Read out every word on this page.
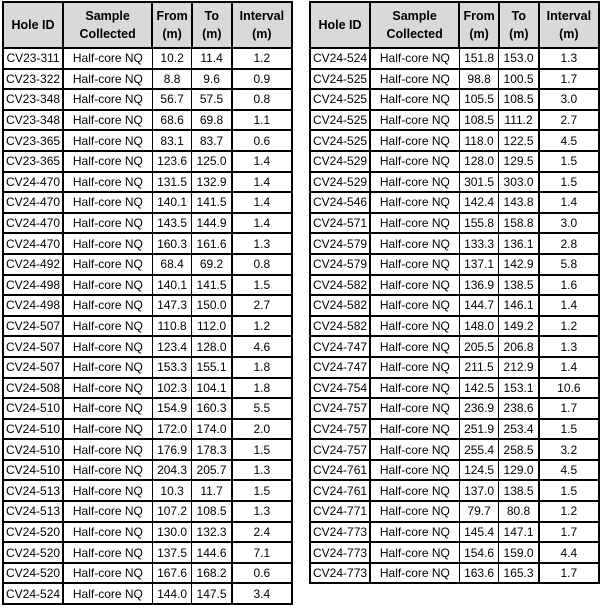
Hole ID

Sample
Collected

From
(m)

To
(m)

Interval
(m)

CV23-311	Half-core NQ	10.2	11.4	1.2
CV23-322	Half-core NQ	8.8	9.6	0.9
CV23-348	Half-core NQ	56.7	57.5	0.8
CV23-348	Half-core NQ	68.6	69.8	1.1
CV23-365	Half-core NQ	83.1	83.7	0.6
CV23-365	Half-core NQ	123.6	125.0	1.4
CV24-470	Half-core NQ	131.5	132.9	1.4
CV24-470	Half-core NQ	140.1	141.5	1.4
CV24-470	Half-core NQ	143.5	144.9	1.4
CV24-470	Half-core NQ	160.3	161.6	1.3
CV24-492	Half-core NQ	68.4	69.2	0.8
CV24-498	Half-core NQ	140.1	141.5	1.5
CV24-498	Half-core NQ	147.3	150.0	2.7
CV24-507	Half-core NQ	110.8	112.0	1.2
CV24-507	Half-core NQ	123.4	128.0	4.6
CV24-507	Half-core NQ	153.3	155.1	1.8
CV24-508	Half-core NQ	102.3	104.1	1.8
CV24-510	Half-core NQ	154.9	160.3	5.5
CV24-510	Half-core NQ	172.0	174.0	2.0
CV24-510	Half-core NQ	176.9	178.3	1.5
CV24-510	Half-core NQ	204.3	205.7	1.3
CV24-513	Half-core NQ	10.3	11.7	1.5
CV24-513	Half-core NQ	107.2	108.5	1.3
CV24-520	Half-core NQ	130.0	132.3	2.4
CV24-520	Half-core NQ	137.5	144.6	7.1
CV24-520	Half-core NQ	167.6	168.2	0.6
CV24-524	Half-core NQ	144.0	147.5	3.4
Hole ID

Sample
Collected

From
(m)

To
(m)

Interval
(m)

CV24-524	Half-core NQ	151.8	153.0	1.3
CV24-525	Half-core NQ	98.8	100.5	1.7
CV24-525	Half-core NQ	105.5	108.5	3.0
CV24-525	Half-core NQ	108.5	111.2	2.7
CV24-525	Half-core NQ	118.0	122.5	4.5
CV24-529	Half-core NQ	128.0	129.5	1.5
CV24-529	Half-core NQ	301.5	303.0	1.5
CV24-546	Half-core NQ	142.4	143.8	1.4
CV24-571	Half-core NQ	155.8	158.8	3.0
CV24-579	Half-core NQ	133.3	136.1	2.8
CV24-579	Half-core NQ	137.1	142.9	5.8
CV24-582	Half-core NQ	136.9	138.5	1.6
CV24-582	Half-core NQ	144.7	146.1	1.4
CV24-582	Half-core NQ	148.0	149.2	1.2
CV24-747	Half-core NQ	205.5	206.8	1.3
CV24-747	Half-core NQ	211.5	212.9	1.4
CV24-754	Half-core NQ	142.5	153.1	10.6
CV24-757	Half-core NQ	236.9	238.6	1.7
CV24-757	Half-core NQ	251.9	253.4	1.5
CV24-757	Half-core NQ	255.4	258.5	3.2
CV24-761	Half-core NQ	124.5	129.0	4.5
CV24-761	Half-core NQ	137.0	138.5	1.5
CV24-771	Half-core NQ	79.7	80.8	1.2
CV24-773	Half-core NQ	145.4	147.1	1.7
CV24-773	Half-core NQ	154.6	159.0	4.4
CV24-773	Half-core NQ	163.6	165.3	1.7
